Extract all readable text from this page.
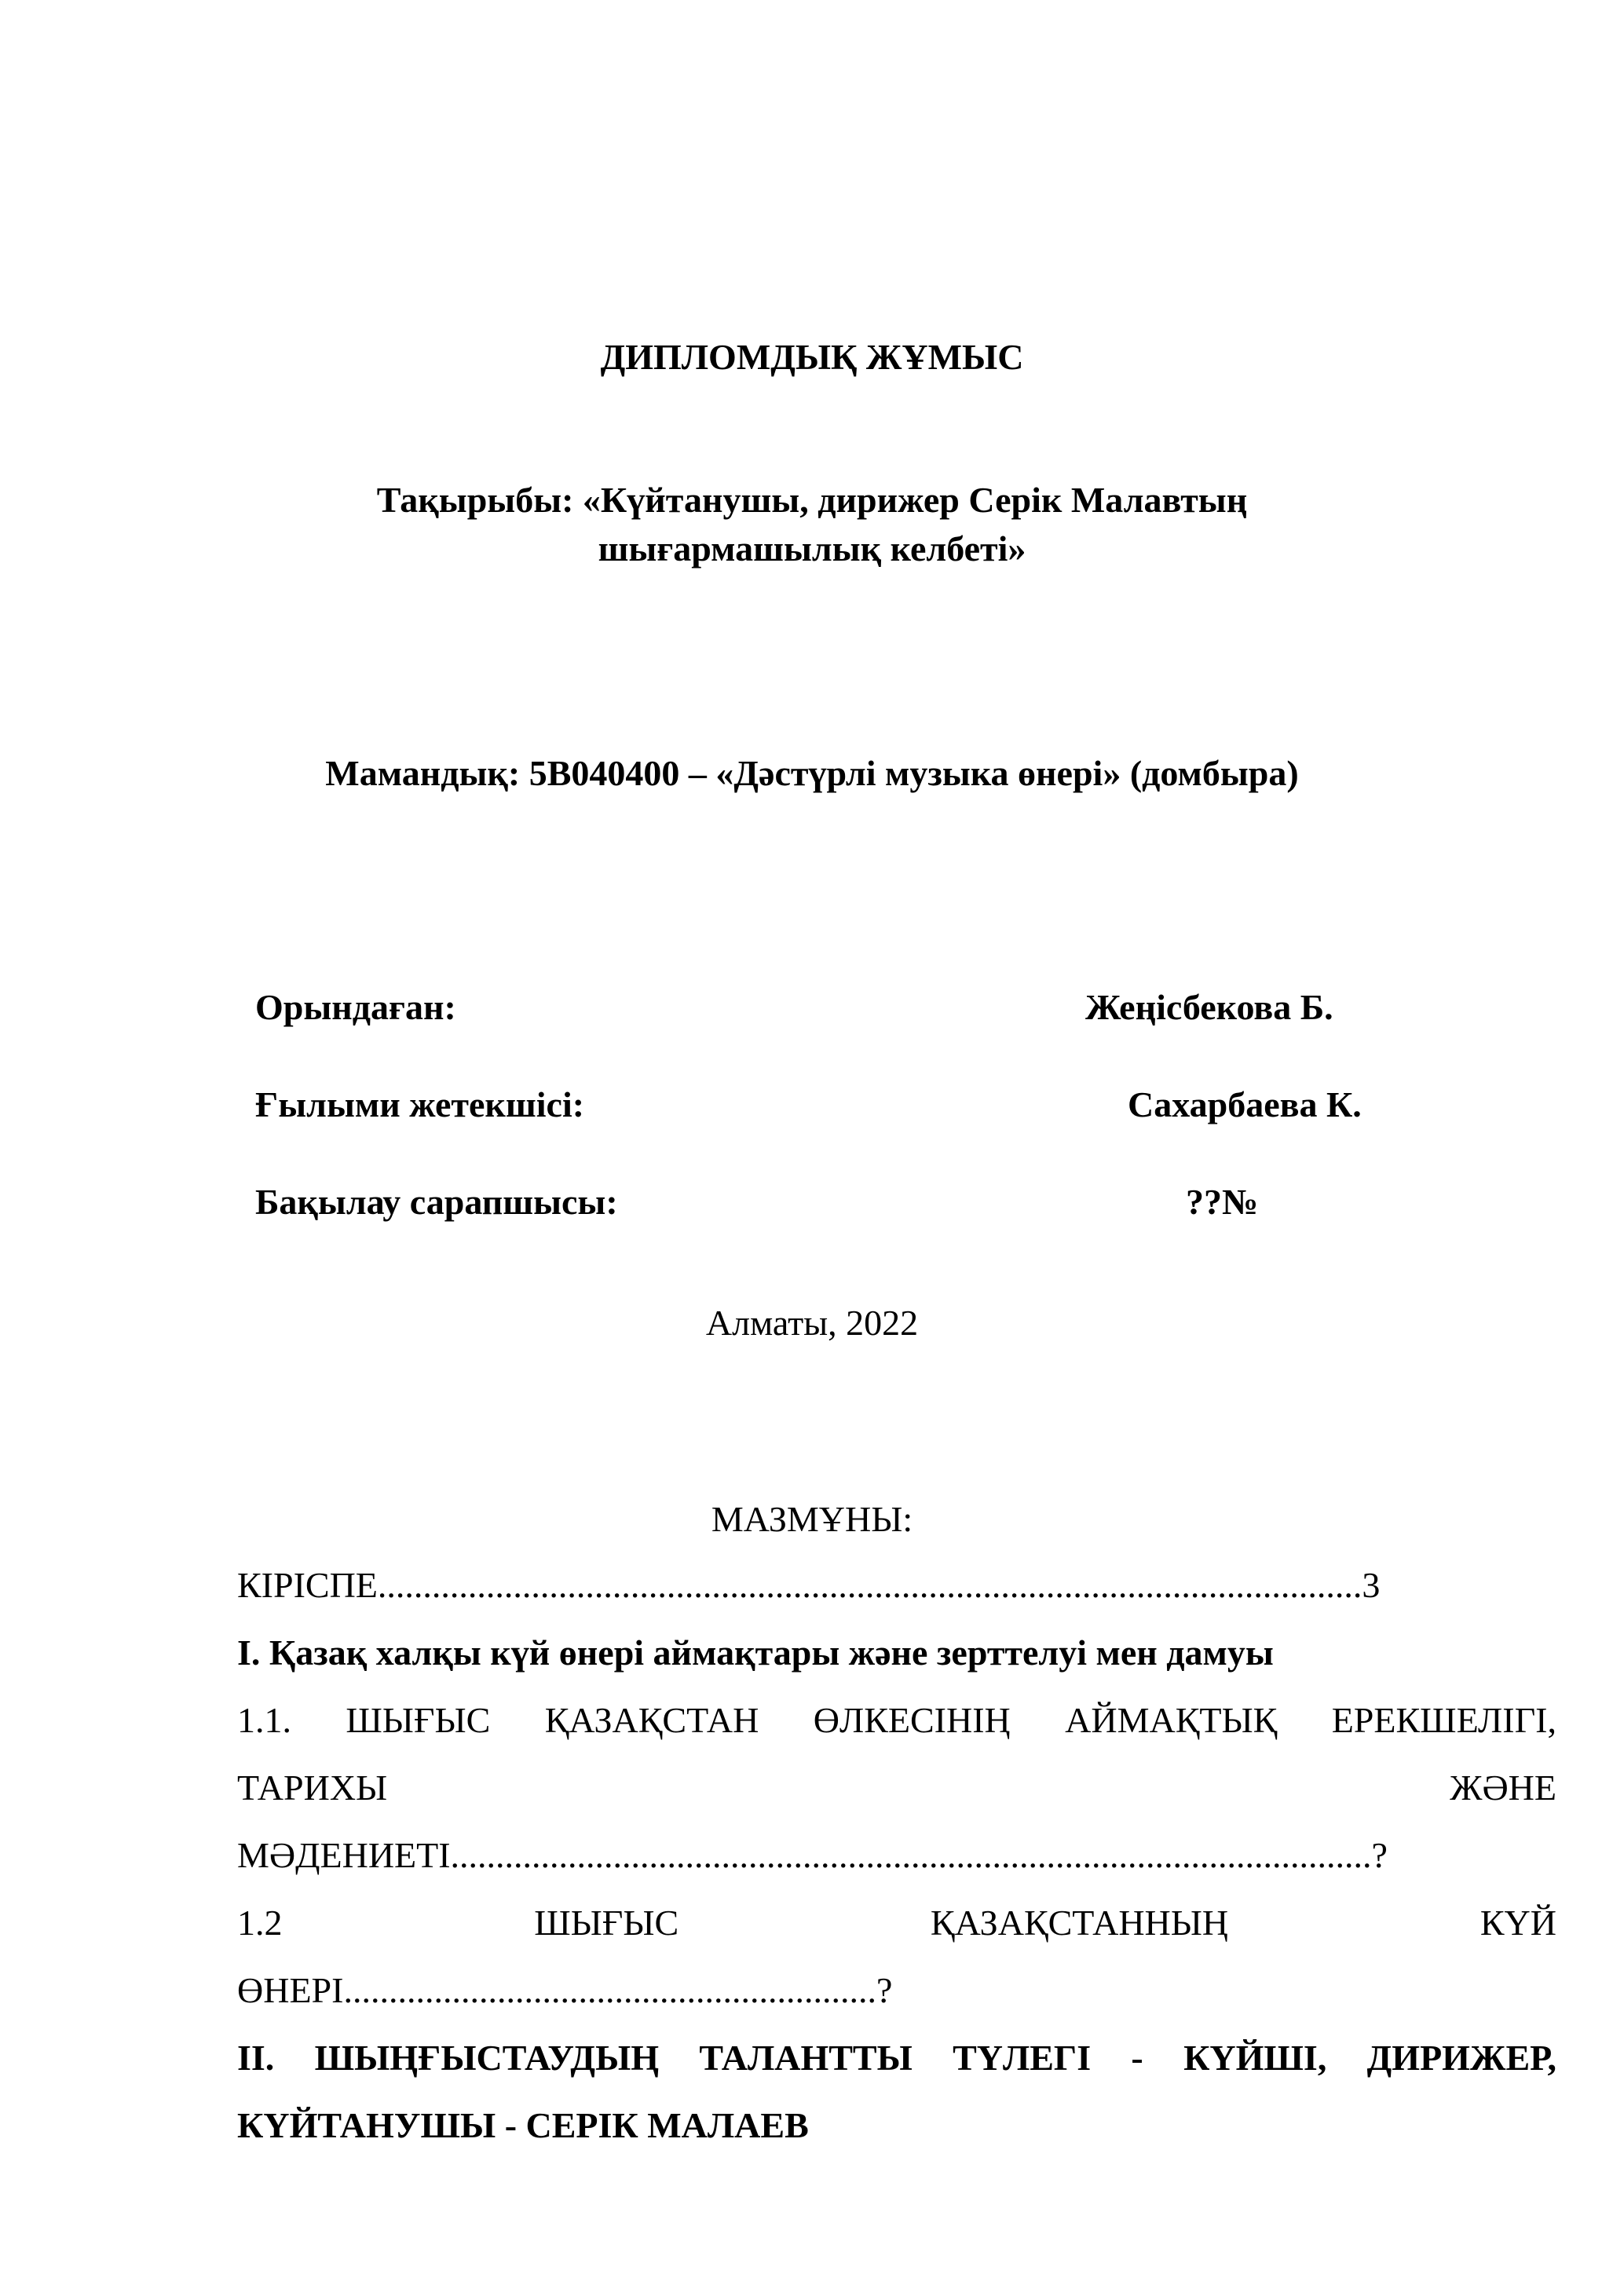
ДИПЛОМДЫҚ ЖҰМЫС
Тақырыбы: «Күйтанушы, дирижер Серік Малавтың
шығармашылық келбеті»
Мамандық: 5В040400 – «Дәстүрлі музыка өнері» (домбыра)
Орындаған:	Жеңісбекова Б.
Ғылыми жетекшісі:	Сахарбаева К.
Бақылау сарапшысы:	??№
Алматы, 2022
МАЗМҰНЫ:
КІРІСПЕ.............................................................................................................3
І. Қазақ халқы күй өнері аймақтары және зерттелуі мен дамуы
1.1. ШЫҒЫС ҚАЗАҚСТАН ӨЛКЕСІНІҢ АЙМАҚТЫҚ ЕРЕКШЕЛІГІ,
ТАРИХЫ	ЖӘНЕ
МӘДЕНИЕТІ......................................................................................................?
1.2	ШЫҒЫС	ҚАЗАҚСТАННЫҢ	КҮЙ
ӨНЕРІ...........................................................?
ІІ. ШЫҢҒЫСТАУДЫҢ ТАЛАНТТЫ ТҮЛЕГІ - КҮЙШІ, ДИРИЖЕР,
КҮЙТАНУШЫ - СЕРІК МАЛАЕВ
